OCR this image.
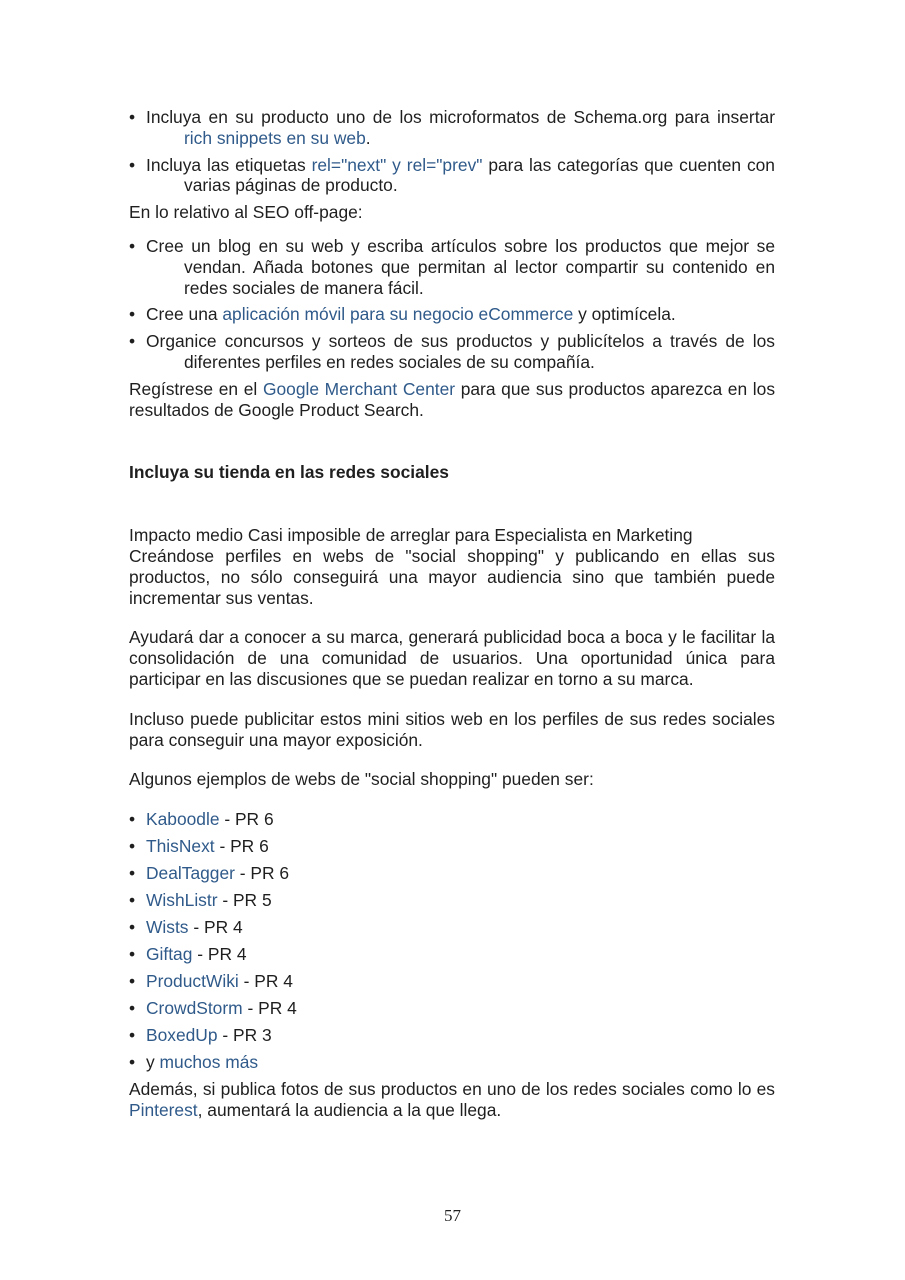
• Incluya en su producto uno de los microformatos de Schema.org para insertar rich snippets en su web.
• Incluya las etiquetas rel="next" y rel="prev" para las categorías que cuenten con varias páginas de producto.

En lo relativo al SEO off-page:

• Cree un blog en su web y escriba artículos sobre los productos que mejor se vendan. Añada botones que permitan al lector compartir su contenido en redes sociales de manera fácil.
• Cree una aplicación móvil para su negocio eCommerce y optimícela.
• Organice concursos y sorteos de sus productos y publicítelos a través de los diferentes perfiles en redes sociales de su compañía.

Regístrese en el Google Merchant Center para que sus productos aparezca en los resultados de Google Product Search.

Incluya su tienda en las redes sociales

Impacto medio Casi imposible de arreglar para Especialista en Marketing

Creándose perfiles en webs de "social shopping" y publicando en ellas sus productos, no sólo conseguirá una mayor audiencia sino que también puede incrementar sus ventas.

Ayudará dar a conocer a su marca, generará publicidad boca a boca y le facilitar la consolidación de una comunidad de usuarios. Una oportunidad única para participar en las discusiones que se puedan realizar en torno a su marca.

Incluso puede publicitar estos mini sitios web en los perfiles de sus redes sociales para conseguir una mayor exposición.

Algunos ejemplos de webs de "social shopping" pueden ser:

• Kaboodle - PR 6
• ThisNext - PR 6
• DealTagger - PR 6
• WishListr - PR 5
• Wists - PR 4
• Giftag - PR 4
• ProductWiki - PR 4
• CrowdStorm - PR 4
• BoxedUp - PR 3
• y muchos más

Además, si publica fotos de sus productos en uno de los redes sociales como lo es Pinterest, aumentará la audiencia a la que llega.

57
